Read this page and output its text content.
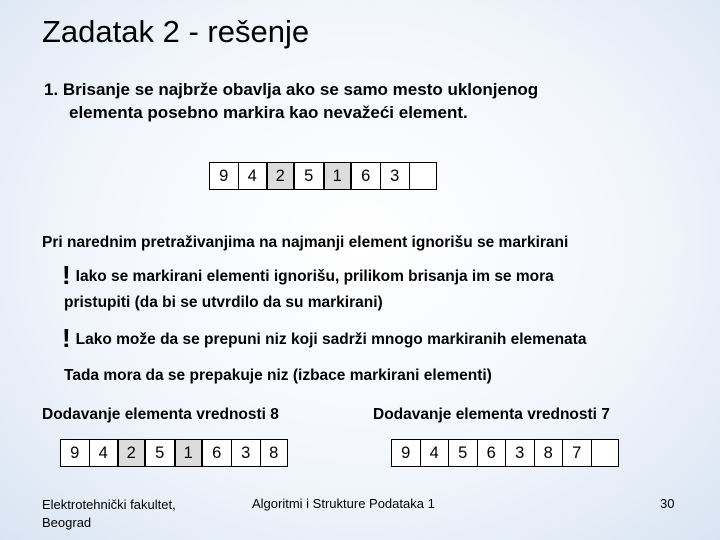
Zadatak 2 - rešenje
1. Brisanje se najbrže obavlja ako se samo mesto uklonjenog
elementa posebno markira kao nevažeći element.
9	4	2	5	1	6	3
Pri narednim pretraživanjima na najmanji element ignorišu se markirani
! Iako se markirani elementi ignorišu, prilikom brisanja im se mora
pristupiti (da bi se utvrdilo da su markirani)
! Lako može da se prepuni niz koji sadrži mnogo markiranih elemenata
Tada mora da se prepakuje niz (izbace markirani elementi)
Dodavanje elementa vrednosti 8	Dodavanje elementa vrednosti 7
9	4	2	5	1	6	3	8	9	4	5	6	3	8	7
Elektrotehnički fakultet,
Beograd
Algoritmi i Strukture Podataka 1	30
